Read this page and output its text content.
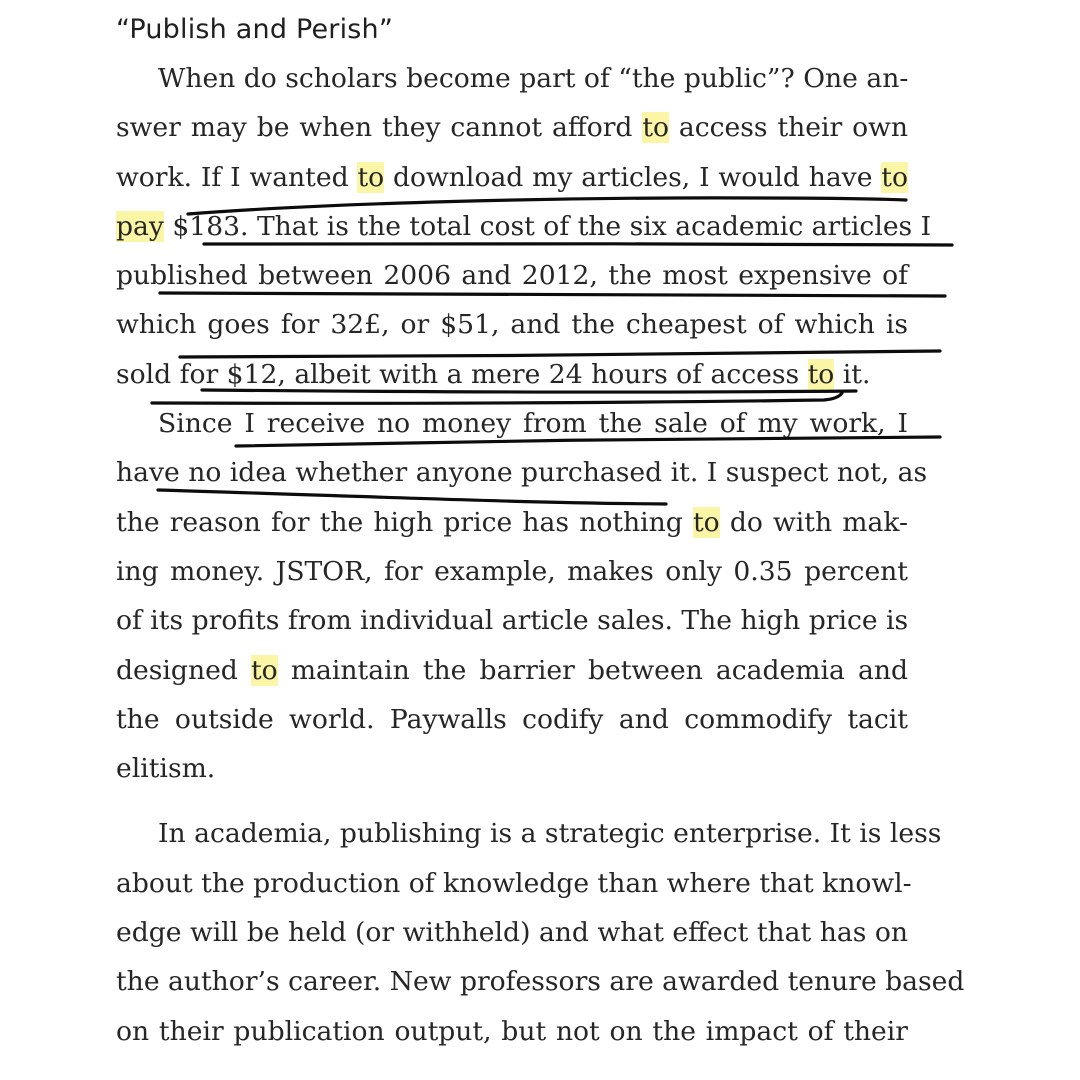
“Publish and Perish”
When do scholars become part of “the public”? One an-
swer may be when they cannot afford to access their own
work. If I wanted to download my articles, I would have to
pay $183. That is the total cost of the six academic articles I
published between 2006 and 2012, the most expensive of
which goes for 32£, or $51, and the cheapest of which is
sold for $12, albeit with a mere 24 hours of access to it.
Since I receive no money from the sale of my work, I
have no idea whether anyone purchased it. I suspect not, as
the reason for the high price has nothing to do with mak-
ing money. JSTOR, for example, makes only 0.35 percent
of its profits from individual article sales. The high price is
designed to maintain the barrier between academia and
the outside world. Paywalls codify and commodify tacit
elitism.
In academia, publishing is a strategic enterprise. It is less
about the production of knowledge than where that knowl-
edge will be held (or withheld) and what effect that has on
the author’s career. New professors are awarded tenure based
on their publication output, but not on the impact of their
